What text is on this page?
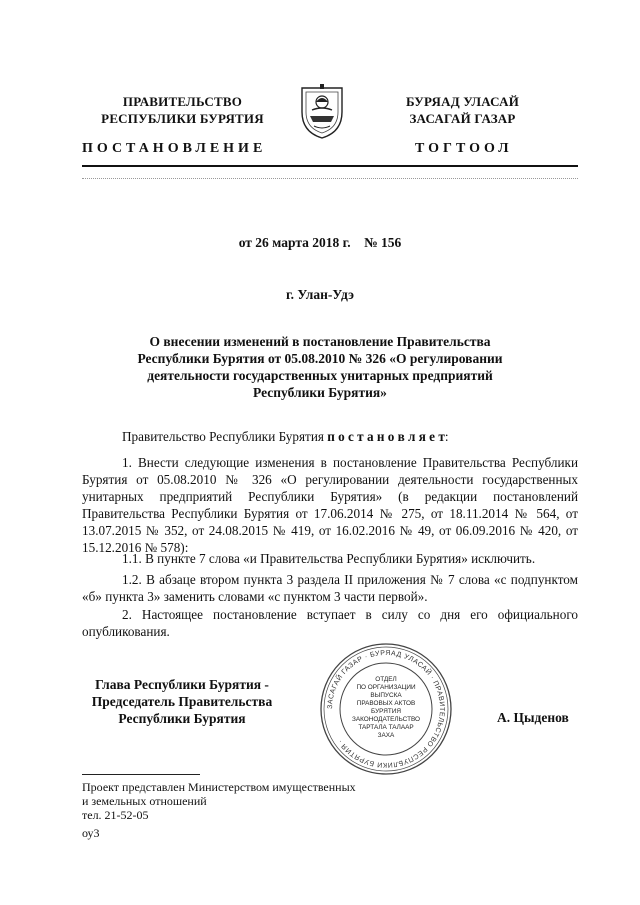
ПРАВИТЕЛЬСТВО
РЕСПУБЛИКИ БУРЯТИЯ
БУРЯАД УЛАСАЙ
ЗАСАГАЙ ГАЗАР
ПОСТАНОВЛЕНИЕ	ТОГТООЛ
от 26 марта 2018 г. № 156
г. Улан-Удэ
О внесении изменений в постановление Правительства
Республики Бурятия от 05.08.2010 № 326 «О регулировании
деятельности государственных унитарных предприятий
Республики Бурятия»
Правительство Республики Бурятия п о с т а н о в л я е т:
1. Внести следующие изменения в постановление Правительства Республики Бурятия от 05.08.2010 № 326 «О регулировании деятельности государственных унитарных предприятий Республики Бурятия» (в редакции постановлений Правительства Республики Бурятия от 17.06.2014 № 275, от 18.11.2014 № 564, от 13.07.2015 № 352, от 24.08.2015 № 419, от 16.02.2016 № 49, от 06.09.2016 № 420, от 15.12.2016 № 578):
1.1. В пункте 7 слова «и Правительства Республики Бурятия» исключить.
1.2. В абзаце втором пункта 3 раздела II приложения № 7 слова «с подпунктом «б» пункта 3» заменить словами «с пунктом 3 части первой».
2. Настоящее постановление вступает в силу со дня его официального опубликования.
Глава Республики Бурятия -
Председатель Правительства
Республики Бурятия
ЗАСАГАЙ ГАЗАР · БУРЯАД УЛАСАЙ · ПРАВИТЕЛЬСТВО РЕСПУБЛИКИ БУРЯТИЯ ·
ОТДЕЛ
ПО ОРГАНИЗАЦИИ
ВЫПУСКА
ПРАВОВЫХ АКТОВ
БУРЯТИЯ
ЗАКОНОДАТЕЛЬСТВО
ТАРТАЛА ТАЛААР
ЗАХА
А. Цыденов
Проект представлен Министерством имущественных
и земельных отношений
тел. 21-52-05
оу3
